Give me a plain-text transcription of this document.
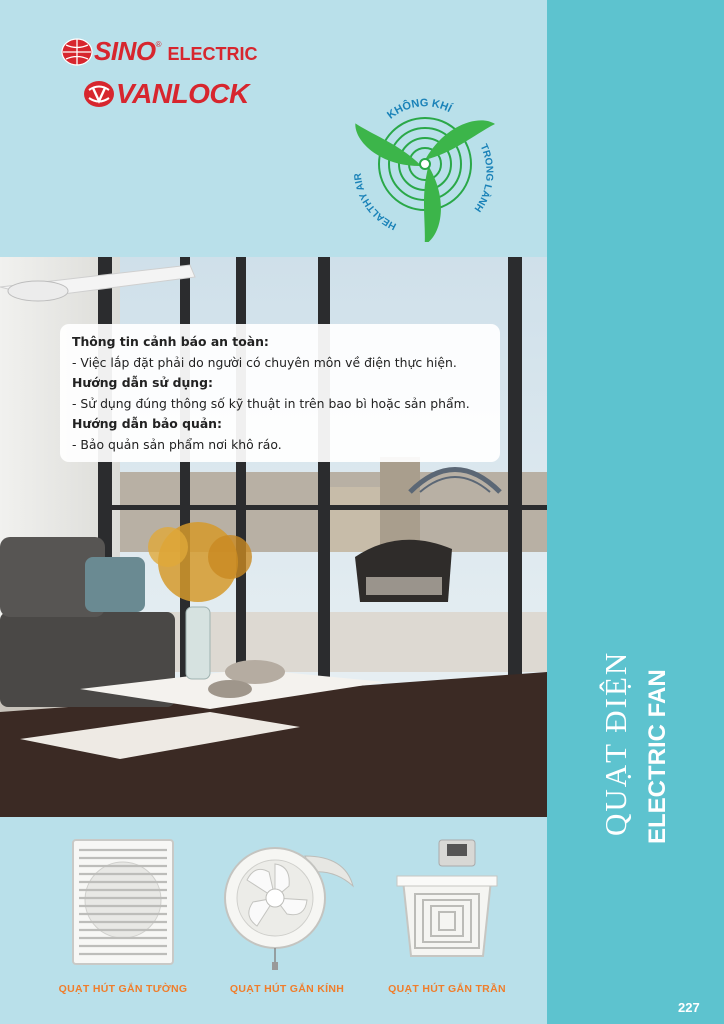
SINO ® ELECTRIC
VANLOCK
KHÔNG KHÍ
HEALTHY AIR
TRONG LÀNH
Thông tin cảnh báo an toàn:
- Việc lắp đặt phải do người có chuyên môn về điện thực hiện.
Hướng dẫn sử dụng:
- Sử dụng đúng thông số kỹ thuật in trên bao bì hoặc sản phẩm.
Hướng dẫn bảo quản:
- Bảo quản sản phẩm nơi khô ráo.
QUẠT ĐIỆN ELECTRIC FAN
QUẠT HÚT GẮN TƯỜNG	QUẠT HÚT GẮN KÍNH	QUẠT HÚT GẮN TRẦN
227
